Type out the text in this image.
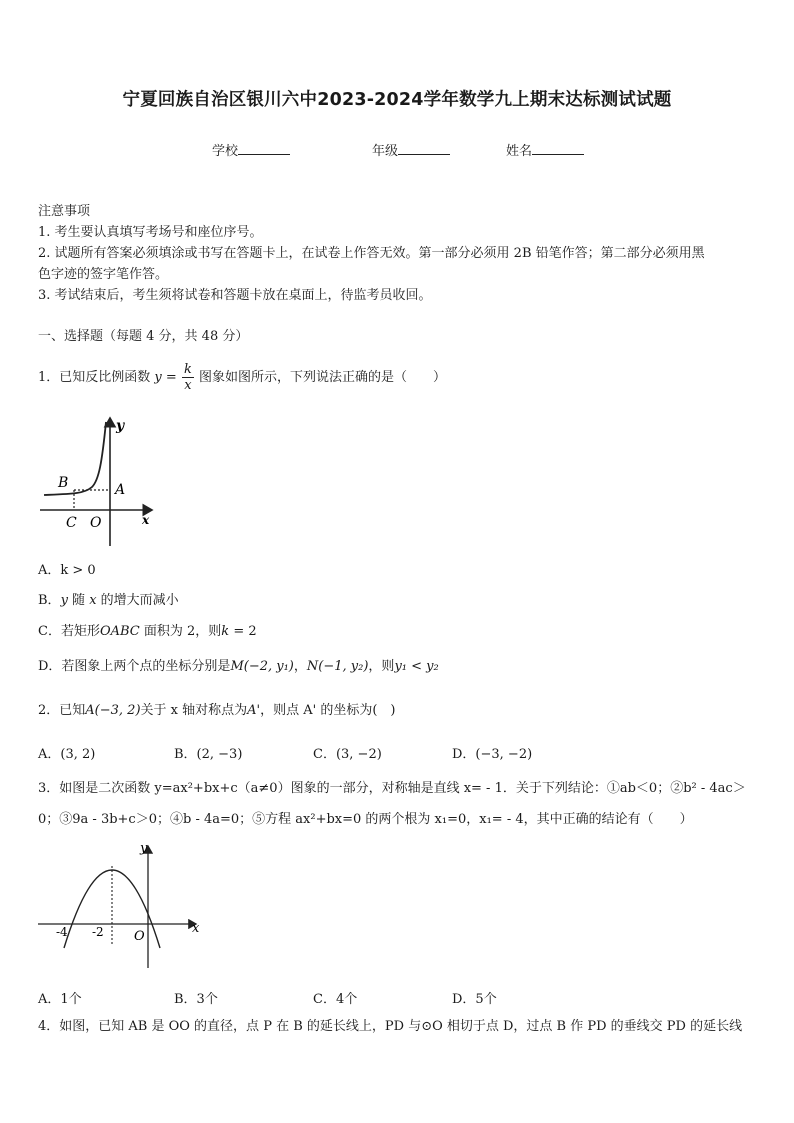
宁夏回族自治区银川六中2023-2024学年数学九上期末达标测试试题
学校	年级	姓名
注意事项
1. 考生要认真填写考场号和座位序号。
2. 试题所有答案必须填涂或书写在答题卡上，在试卷上作答无效。第一部分必须用 2B 铅笔作答；第二部分必须用黑
色字迹的签字笔作答。
3. 考试结束后，考生须将试卷和答题卡放在桌面上，待监考员收回。
一、选择题（每题 4 分，共 48 分）
1．已知反比例函数 $y = \frac{k}{x}$ 图象如图所示，下列说法正确的是（　　）
y
x
A
B
C O
A．k > 0
B．y 随 x 的增大而减小
C．若矩形OABC 面积为 2，则k = 2
D．若图象上两个点的坐标分别是M(−2, y₁)，N(−1, y₂)，则y₁ < y₂
2．已知A(−3, 2)关于 x 轴对称点为A'，则点 A' 的坐标为(　)
A．(3, 2)	B．(2, −3)	C．(3, −2)	D．(−3, −2)
3．如图是二次函数 y=ax²+bx+c（a≠0）图象的一部分，对称轴是直线 x= - 1．关于下列结论：①ab＜0；②b² - 4ac＞
0；③9a - 3b+c＞0；④b - 4a=0；⑤方程 ax²+bx=0 的两个根为 x₁=0，x₁= - 4，其中正确的结论有（　　）
y
x
-4 -2 O
A．1个	B．3个	C．4个	D．5个
4．如图，已知 AB 是 OO 的直径，点 P 在 B 的延长线上，PD 与⊙O 相切于点 D，过点 B 作 PD 的垂线交 PD 的延长线
